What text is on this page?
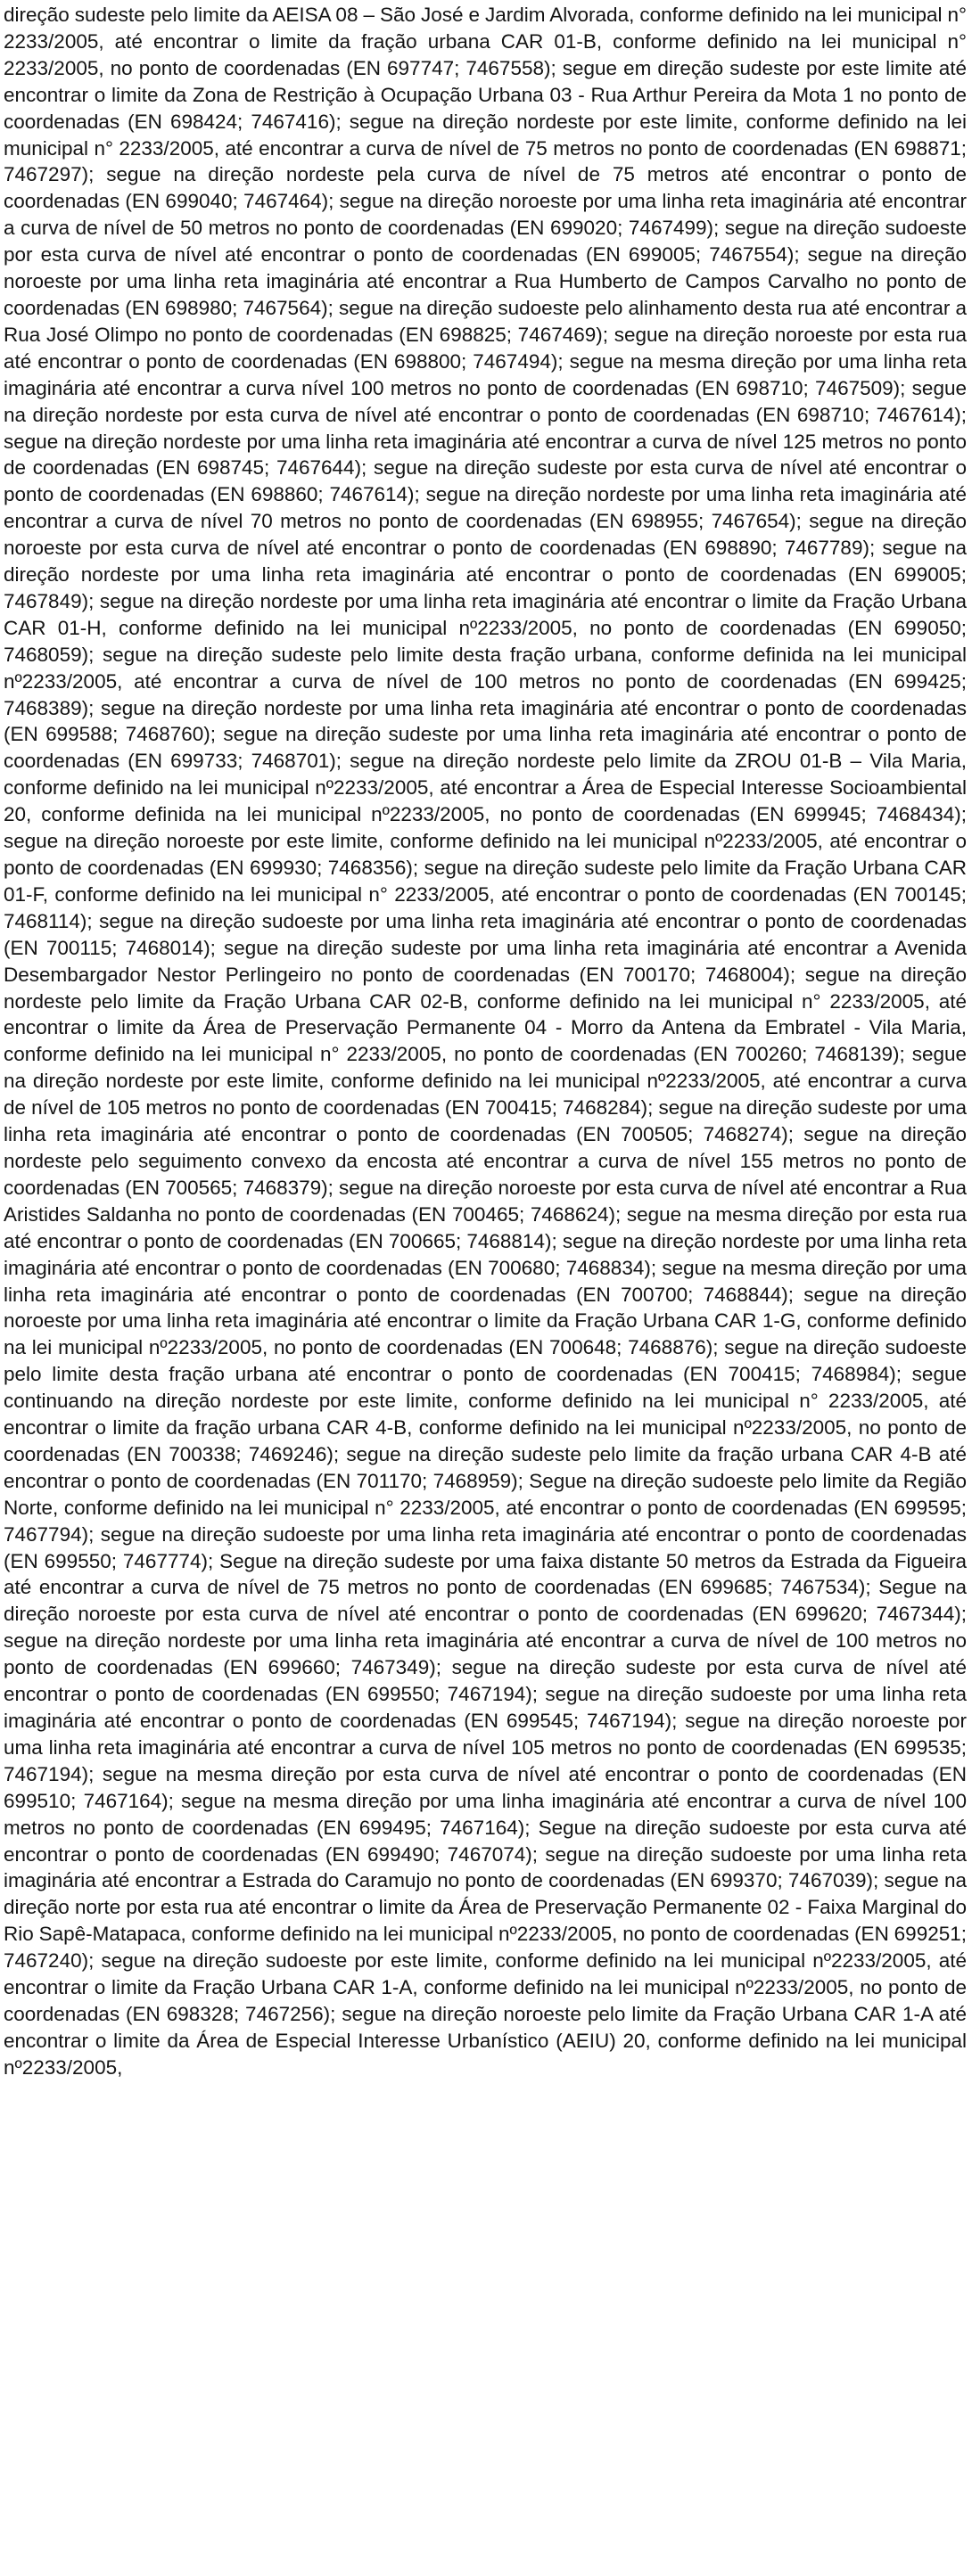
direção sudeste pelo limite da AEISA 08 – São José e Jardim Alvorada, conforme definido na lei municipal n° 2233/2005, até encontrar o limite da fração urbana CAR 01-B, conforme definido na lei municipal n° 2233/2005, no ponto de coordenadas (EN 697747; 7467558); segue em direção sudeste por este limite até encontrar o limite da Zona de Restrição à Ocupação Urbana 03 - Rua Arthur Pereira da Mota 1 no ponto de coordenadas (EN 698424; 7467416); segue na direção nordeste por este limite, conforme definido na lei municipal n° 2233/2005, até encontrar a curva de nível de 75 metros no ponto de coordenadas (EN 698871; 7467297); segue na direção nordeste pela curva de nível de 75 metros até encontrar o ponto de coordenadas (EN 699040; 7467464); segue na direção noroeste por uma linha reta imaginária até encontrar a curva de nível de 50 metros no ponto de coordenadas (EN 699020; 7467499); segue na direção sudoeste por esta curva de nível até encontrar o ponto de coordenadas (EN 699005; 7467554); segue na direção noroeste por uma linha reta imaginária até encontrar a Rua Humberto de Campos Carvalho no ponto de coordenadas (EN 698980; 7467564); segue na direção sudoeste pelo alinhamento desta rua até encontrar a Rua José Olimpo no ponto de coordenadas (EN 698825; 7467469); segue na direção noroeste por esta rua até encontrar o ponto de coordenadas (EN 698800; 7467494); segue na mesma direção por uma linha reta imaginária até encontrar a curva nível 100 metros no ponto de coordenadas (EN 698710; 7467509); segue na direção nordeste por esta curva de nível até encontrar o ponto de coordenadas (EN 698710; 7467614); segue na direção nordeste por uma linha reta imaginária até encontrar a curva de nível 125 metros no ponto de coordenadas (EN 698745; 7467644); segue na direção sudeste por esta curva de nível até encontrar o ponto de coordenadas (EN 698860; 7467614); segue na direção nordeste por uma linha reta imaginária até encontrar a curva de nível 70 metros no ponto de coordenadas (EN 698955; 7467654); segue na direção noroeste por esta curva de nível até encontrar o ponto de coordenadas (EN 698890; 7467789); segue na direção nordeste por uma linha reta imaginária até encontrar o ponto de coordenadas (EN 699005; 7467849); segue na direção nordeste por uma linha reta imaginária até encontrar o limite da Fração Urbana CAR 01-H, conforme definido na lei municipal nº2233/2005, no ponto de coordenadas (EN 699050; 7468059); segue na direção sudeste pelo limite desta fração urbana, conforme definida na lei municipal nº2233/2005, até encontrar a curva de nível de 100 metros no ponto de coordenadas (EN 699425; 7468389); segue na direção nordeste por uma linha reta imaginária até encontrar o ponto de coordenadas (EN 699588; 7468760); segue na direção sudeste por uma linha reta imaginária até encontrar o ponto de coordenadas (EN 699733; 7468701); segue na direção nordeste pelo limite da ZROU 01-B – Vila Maria, conforme definido na lei municipal nº2233/2005, até encontrar a Área de Especial Interesse Socioambiental 20, conforme definida na lei municipal nº2233/2005, no ponto de coordenadas (EN 699945; 7468434); segue na direção noroeste por este limite, conforme definido na lei municipal nº2233/2005, até encontrar o ponto de coordenadas (EN 699930; 7468356); segue na direção sudeste pelo limite da Fração Urbana CAR 01-F, conforme definido na lei municipal n° 2233/2005, até encontrar o ponto de coordenadas (EN 700145; 7468114); segue na direção sudoeste por uma linha reta imaginária até encontrar o ponto de coordenadas (EN 700115; 7468014); segue na direção sudeste por uma linha reta imaginária até encontrar a Avenida Desembargador Nestor Perlingeiro no ponto de coordenadas (EN 700170; 7468004); segue na direção nordeste pelo limite da Fração Urbana CAR 02-B, conforme definido na lei municipal n° 2233/2005, até encontrar o limite da Área de Preservação Permanente 04 - Morro da Antena da Embratel - Vila Maria, conforme definido na lei municipal n° 2233/2005, no ponto de coordenadas (EN 700260; 7468139); segue na direção nordeste por este limite, conforme definido na lei municipal nº2233/2005, até encontrar a curva de nível de 105 metros no ponto de coordenadas (EN 700415; 7468284); segue na direção sudeste por uma linha reta imaginária até encontrar o ponto de coordenadas (EN 700505; 7468274); segue na direção nordeste pelo seguimento convexo da encosta até encontrar a curva de nível 155 metros no ponto de coordenadas (EN 700565; 7468379); segue na direção noroeste por esta curva de nível até encontrar a Rua Aristides Saldanha no ponto de coordenadas (EN 700465; 7468624); segue na mesma direção por esta rua até encontrar o ponto de coordenadas (EN 700665; 7468814); segue na direção nordeste por uma linha reta imaginária até encontrar o ponto de coordenadas (EN 700680; 7468834); segue na mesma direção por uma linha reta imaginária até encontrar o ponto de coordenadas (EN 700700; 7468844); segue na direção noroeste por uma linha reta imaginária até encontrar o limite da Fração Urbana CAR 1-G, conforme definido na lei municipal nº2233/2005, no ponto de coordenadas (EN 700648; 7468876); segue na direção sudoeste pelo limite desta fração urbana até encontrar o ponto de coordenadas (EN 700415; 7468984); segue continuando na direção nordeste por este limite, conforme definido na lei municipal n° 2233/2005, até encontrar o limite da fração urbana CAR 4-B, conforme definido na lei municipal nº2233/2005, no ponto de coordenadas (EN 700338; 7469246); segue na direção sudeste pelo limite da fração urbana CAR 4-B até encontrar o ponto de coordenadas (EN 701170; 7468959); Segue na direção sudoeste pelo limite da Região Norte, conforme definido na lei municipal n° 2233/2005, até encontrar o ponto de coordenadas (EN 699595; 7467794); segue na direção sudoeste por uma linha reta imaginária até encontrar o ponto de coordenadas (EN 699550; 7467774); Segue na direção sudeste por uma faixa distante 50 metros da Estrada da Figueira até encontrar a curva de nível de 75 metros no ponto de coordenadas (EN 699685; 7467534); Segue na direção noroeste por esta curva de nível até encontrar o ponto de coordenadas (EN 699620; 7467344); segue na direção nordeste por uma linha reta imaginária até encontrar a curva de nível de 100 metros no ponto de coordenadas (EN 699660; 7467349); segue na direção sudeste por esta curva de nível até encontrar o ponto de coordenadas (EN 699550; 7467194); segue na direção sudoeste por uma linha reta imaginária até encontrar o ponto de coordenadas (EN 699545; 7467194); segue na direção noroeste por uma linha reta imaginária até encontrar a curva de nível 105 metros no ponto de coordenadas (EN 699535; 7467194); segue na mesma direção por esta curva de nível até encontrar o ponto de coordenadas (EN 699510; 7467164); segue na mesma direção por uma linha imaginária até encontrar a curva de nível 100 metros no ponto de coordenadas (EN 699495; 7467164); Segue na direção sudoeste por esta curva até encontrar o ponto de coordenadas (EN 699490; 7467074); segue na direção sudoeste por uma linha reta imaginária até encontrar a Estrada do Caramujo no ponto de coordenadas (EN 699370; 7467039); segue na direção norte por esta rua até encontrar o limite da Área de Preservação Permanente 02 - Faixa Marginal do Rio Sapê-Matapaca, conforme definido na lei municipal nº2233/2005, no ponto de coordenadas (EN 699251; 7467240); segue na direção sudoeste por este limite, conforme definido na lei municipal nº2233/2005, até encontrar o limite da Fração Urbana CAR 1-A, conforme definido na lei municipal nº2233/2005, no ponto de coordenadas (EN 698328; 7467256); segue na direção noroeste pelo limite da Fração Urbana CAR 1-A até encontrar o limite da Área de Especial Interesse Urbanístico (AEIU) 20, conforme definido na lei municipal nº2233/2005,
